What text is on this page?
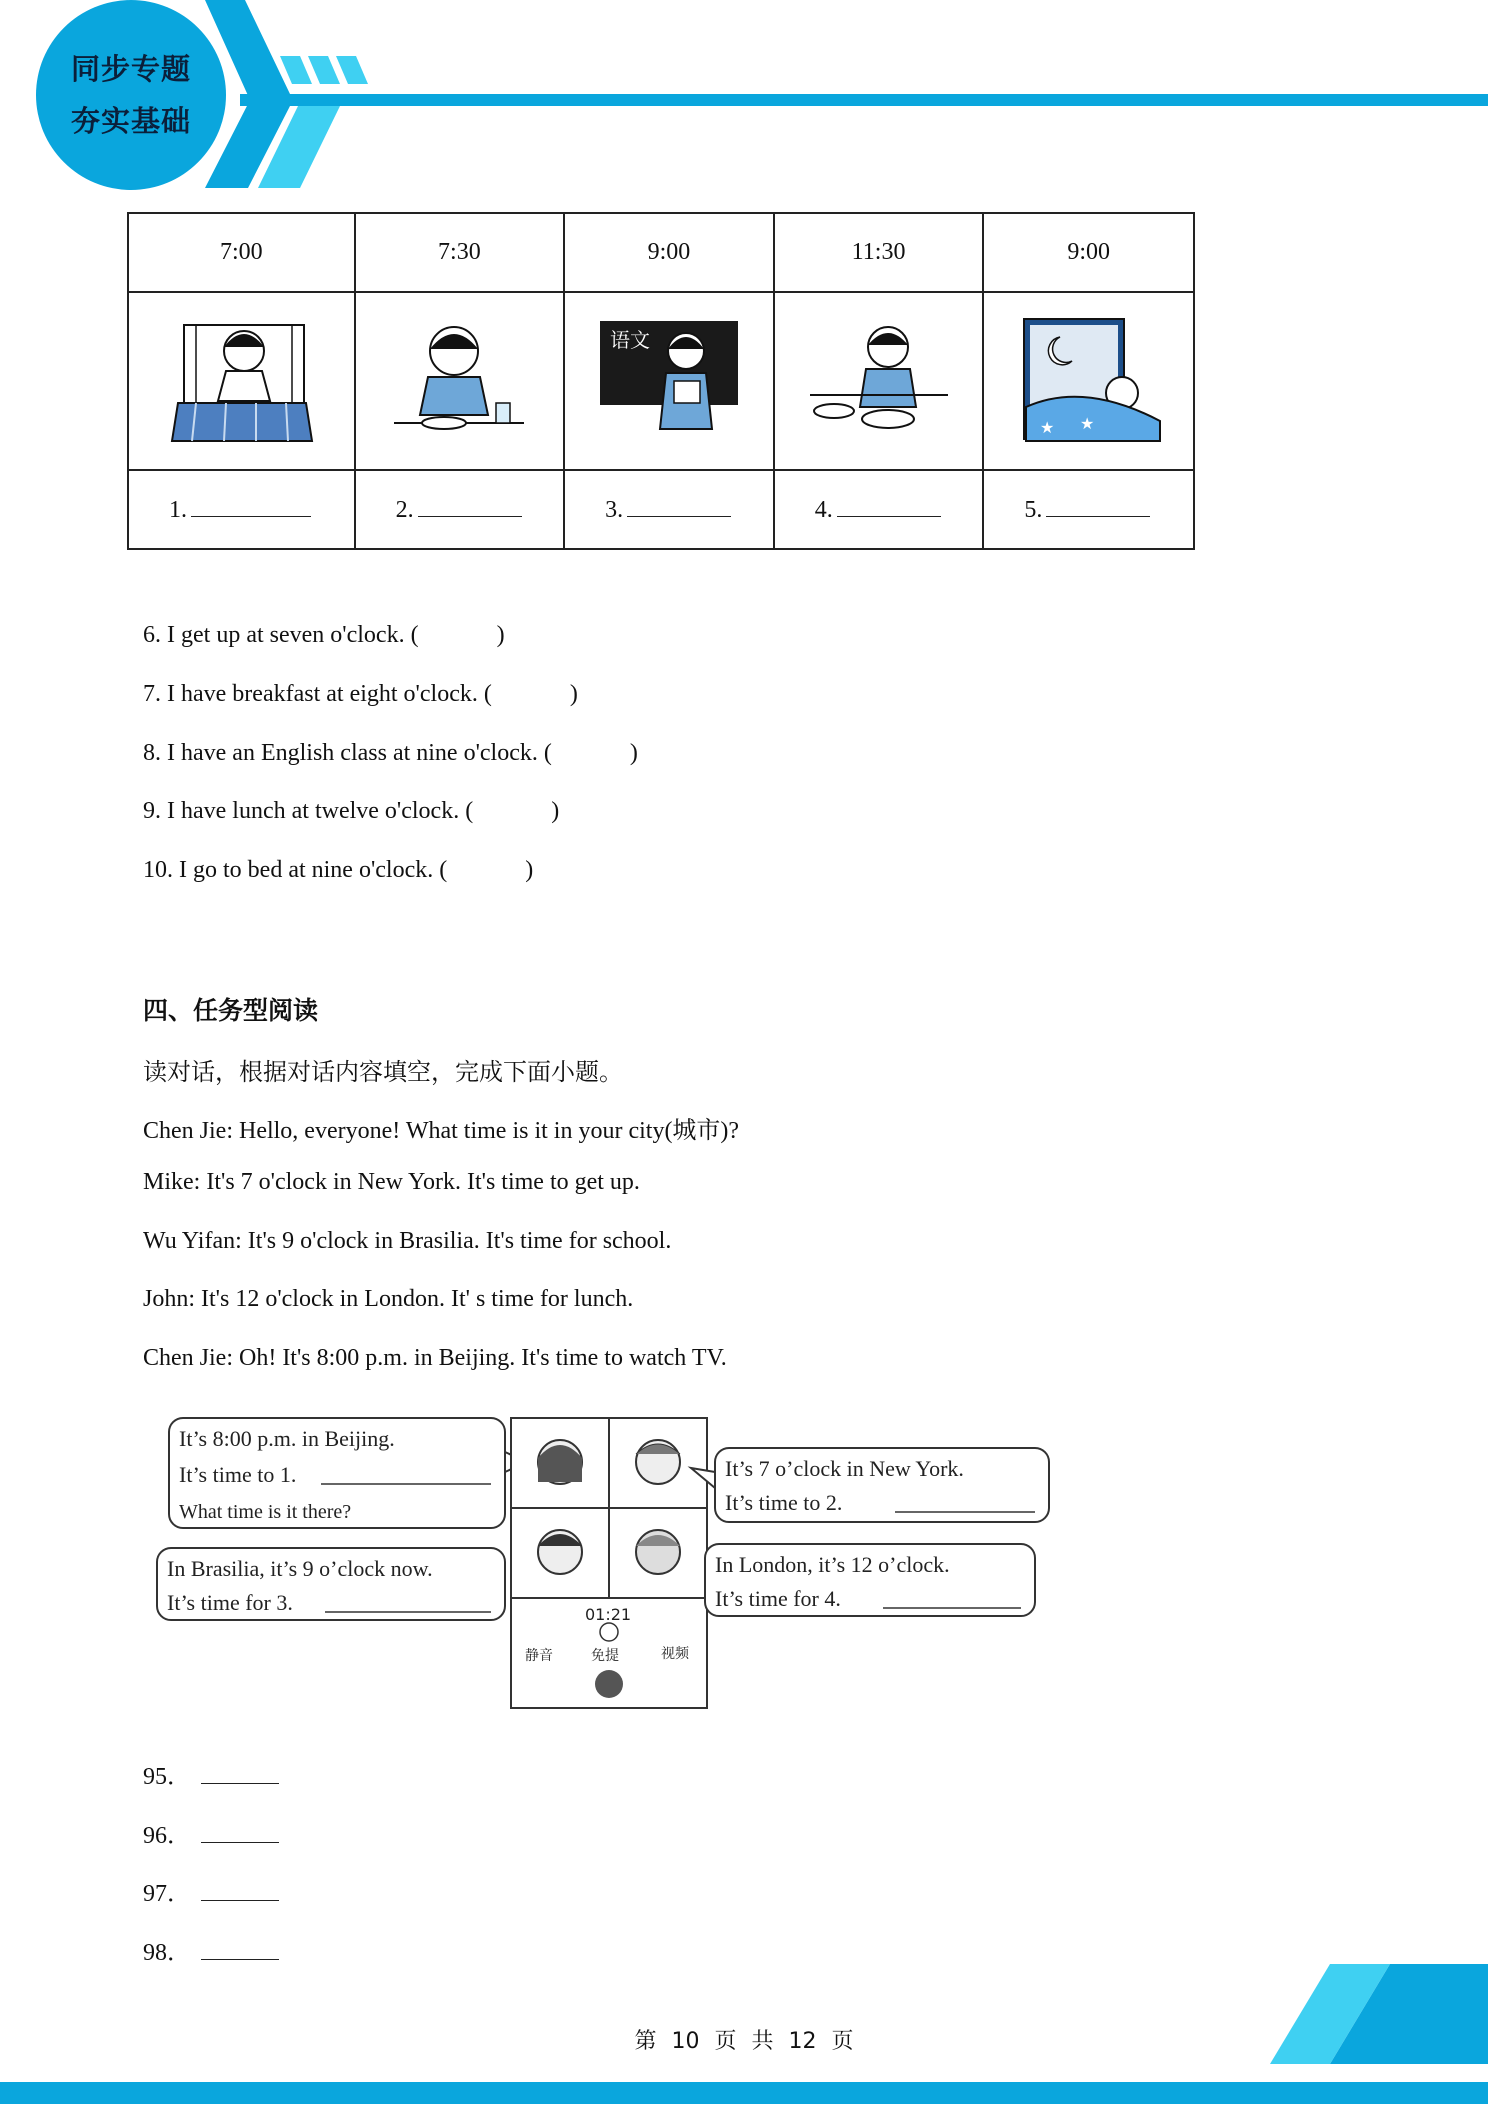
同步专题
夯实基础
7:00	7:30	9:00	11:30	9:00

语文		★ ★

1.	2.	3.	4.	5.
6. I get up at seven o'clock. (	)
7. I have breakfast at eight o'clock. (	)
8. I have an English class at nine o'clock. (	)
9. I have lunch at twelve o'clock. (	)
10. I go to bed at nine o'clock. (	)
四、任务型阅读
读对话，根据对话内容填空，完成下面小题。
Chen Jie: Hello, everyone! What time is it in your city(城市)?
Mike: It's 7 o'clock in New York. It's time to get up.
Wu Yifan: It's 9 o'clock in Brasilia. It's time for school.
John: It's 12 o'clock in London. It' s time for lunch.
Chen Jie: Oh! It's 8:00 p.m. in Beijing. It's time to watch TV.
It’s 8:00 p.m. in Beijing.
It’s time to 1.
What time is it there?
In Brasilia, it’s 9 o’clock now.
It’s time for 3.	01:21
静音	免提	视频
It’s 7 o’clock in New York.
It’s time to 2.
In London, it’s 12 o’clock.
It’s time for 4.
95．
96．
97．
98．
第 10 页 共 12 页
